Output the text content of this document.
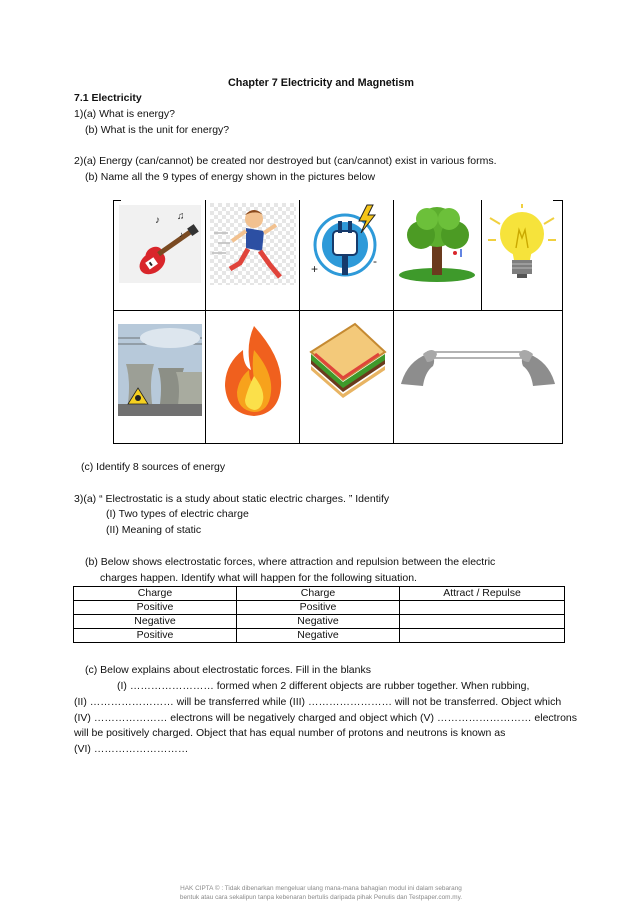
Chapter 7 Electricity and Magnetism
7.1 Electricity
1)(a) What is energy?
(b) What is the unit for energy?
2)(a) Energy (can/cannot) be created nor destroyed but (can/cannot) exist in various forms.
(b) Name all the 9 types of energy shown in the pictures below
♪ ♫
♪
+
-
(c) Identify 8 sources of energy
3)(a) “ Electrostatic is a study about static electric charges. ” Identify
(I) Two types of electric charge
(II) Meaning of static
(b) Below shows electrostatic forces, where attraction and repulsion between the electric
charges happen. Identify what will happen for the following situation.
Charge	Charge	Attract / Repulse
Positive	Positive	
Negative	Negative	
Positive	Negative	
(c) Below explains about electrostatic forces. Fill in the blanks
(I) …………………… formed when 2 different objects are rubber together. When rubbing,
(II) …………………… will be transferred while (III) …………………… will not be transferred. Object which
(IV) ………………… electrons will be negatively charged and object which (V) ……………………… electrons
will be positively charged. Object that has equal number of protons and neutrons is known as
(VI) ………………………
HAK CIPTA © : Tidak dibenarkan mengeluar ulang mana-mana bahagian modul ini dalam sebarang
bentuk atau cara sekalipun tanpa kebenaran bertulis daripada pihak Penulis dan Testpaper.com.my.
